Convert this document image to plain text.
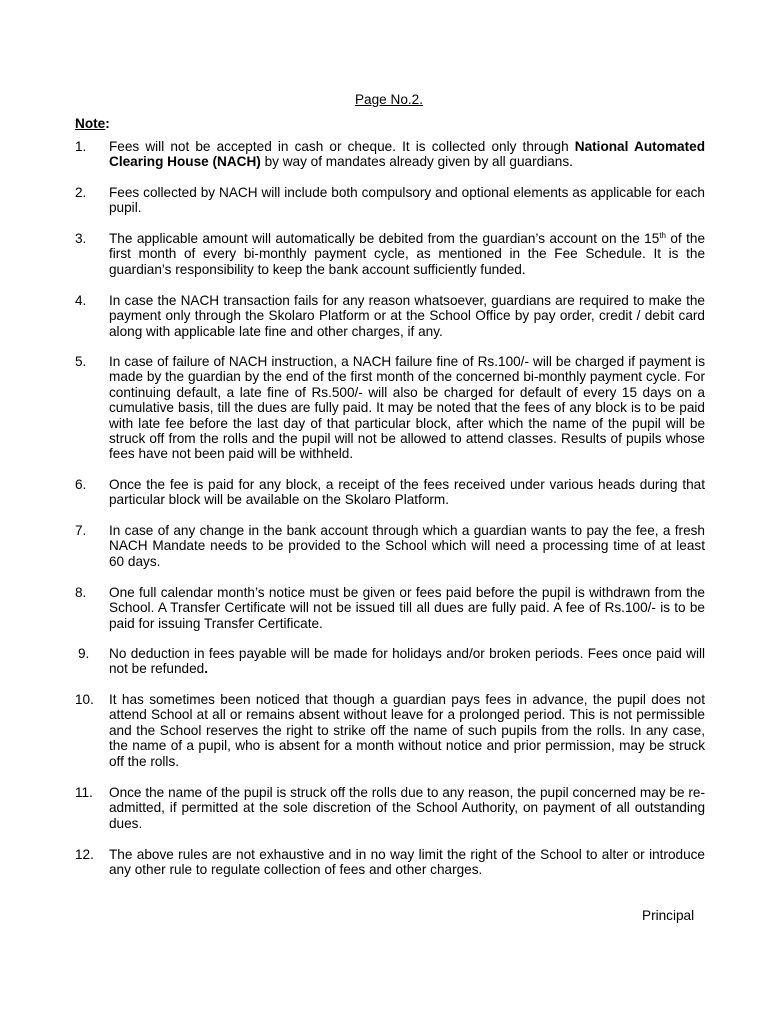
Page No.2.
Note:
1. Fees will not be accepted in cash or cheque. It is collected only through National Automated Clearing House (NACH) by way of mandates already given by all guardians.
2. Fees collected by NACH will include both compulsory and optional elements as applicable for each pupil.
3. The applicable amount will automatically be debited from the guardian’s account on the 15th of the first month of every bi-monthly payment cycle, as mentioned in the Fee Schedule. It is the guardian’s responsibility to keep the bank account sufficiently funded.
4. In case the NACH transaction fails for any reason whatsoever, guardians are required to make the payment only through the Skolaro Platform or at the School Office by pay order, credit / debit card along with applicable late fine and other charges, if any.
5. In case of failure of NACH instruction, a NACH failure fine of Rs.100/- will be charged if payment is made by the guardian by the end of the first month of the concerned bi-monthly payment cycle. For continuing default, a late fine of Rs.500/- will also be charged for default of every 15 days on a cumulative basis, till the dues are fully paid. It may be noted that the fees of any block is to be paid with late fee before the last day of that particular block, after which the name of the pupil will be struck off from the rolls and the pupil will not be allowed to attend classes. Results of pupils whose fees have not been paid will be withheld.
6. Once the fee is paid for any block, a receipt of the fees received under various heads during that particular block will be available on the Skolaro Platform.
7. In case of any change in the bank account through which a guardian wants to pay the fee, a fresh NACH Mandate needs to be provided to the School which will need a processing time of at least 60 days.
8. One full calendar month’s notice must be given or fees paid before the pupil is withdrawn from the School. A Transfer Certificate will not be issued till all dues are fully paid. A fee of Rs.100/- is to be paid for issuing Transfer Certificate.
9. No deduction in fees payable will be made for holidays and/or broken periods. Fees once paid will not be refunded.
10. It has sometimes been noticed that though a guardian pays fees in advance, the pupil does not attend School at all or remains absent without leave for a prolonged period. This is not permissible and the School reserves the right to strike off the name of such pupils from the rolls. In any case, the name of a pupil, who is absent for a month without notice and prior permission, may be struck off the rolls.
11. Once the name of the pupil is struck off the rolls due to any reason, the pupil concerned may be re-admitted, if permitted at the sole discretion of the School Authority, on payment of all outstanding dues.
12. The above rules are not exhaustive and in no way limit the right of the School to alter or introduce any other rule to regulate collection of fees and other charges.
Principal
